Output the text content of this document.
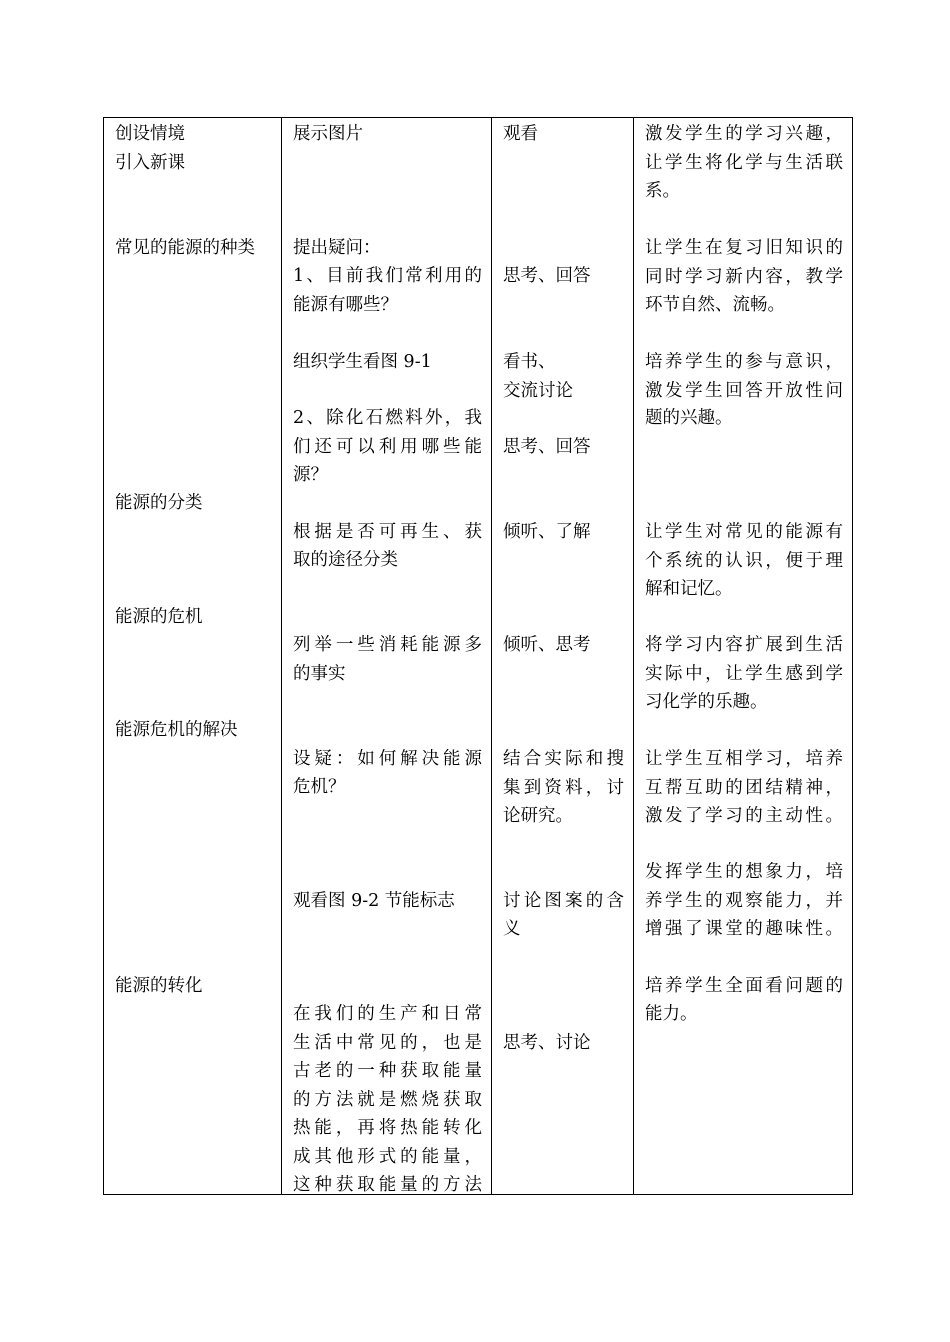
创设情境
引入新课
常见的能源的种类
能源的分类
能源的危机
能源危机的解决
能源的转化
展示图片
提出疑问：
1、目前我们常利用的
能源有哪些？
组织学生看图 9-1
2、除化石燃料外，我
们还可以利用哪些能
源？
根据是否可再生、获
取的途径分类
列举一些消耗能源多
的事实
设疑：如何解决能源
危机？
观看图 9-2 节能标志
在我们的生产和日常
生活中常见的，也是
古老的一种获取能量
的方法就是燃烧获取
热能，再将热能转化
成其他形式的能量，
这种获取能量的方法
观看
思考、回答
看书、
交流讨论
思考、回答
倾听、了解
倾听、思考
结合实际和搜
集到资料，讨
论研究。
讨论图案的含
义
思考、讨论
激发学生的学习兴趣，
让学生将化学与生活联
系。
让学生在复习旧知识的
同时学习新内容，教学
环节自然、流畅。
培养学生的参与意识，
激发学生回答开放性问
题的兴趣。
让学生对常见的能源有
个系统的认识，便于理
解和记忆。
将学习内容扩展到生活
实际中，让学生感到学
习化学的乐趣。
让学生互相学习，培养
互帮互助的团结精神，
激发了学习的主动性。
发挥学生的想象力，培
养学生的观察能力，并
增强了课堂的趣味性。
培养学生全面看问题的
能力。
